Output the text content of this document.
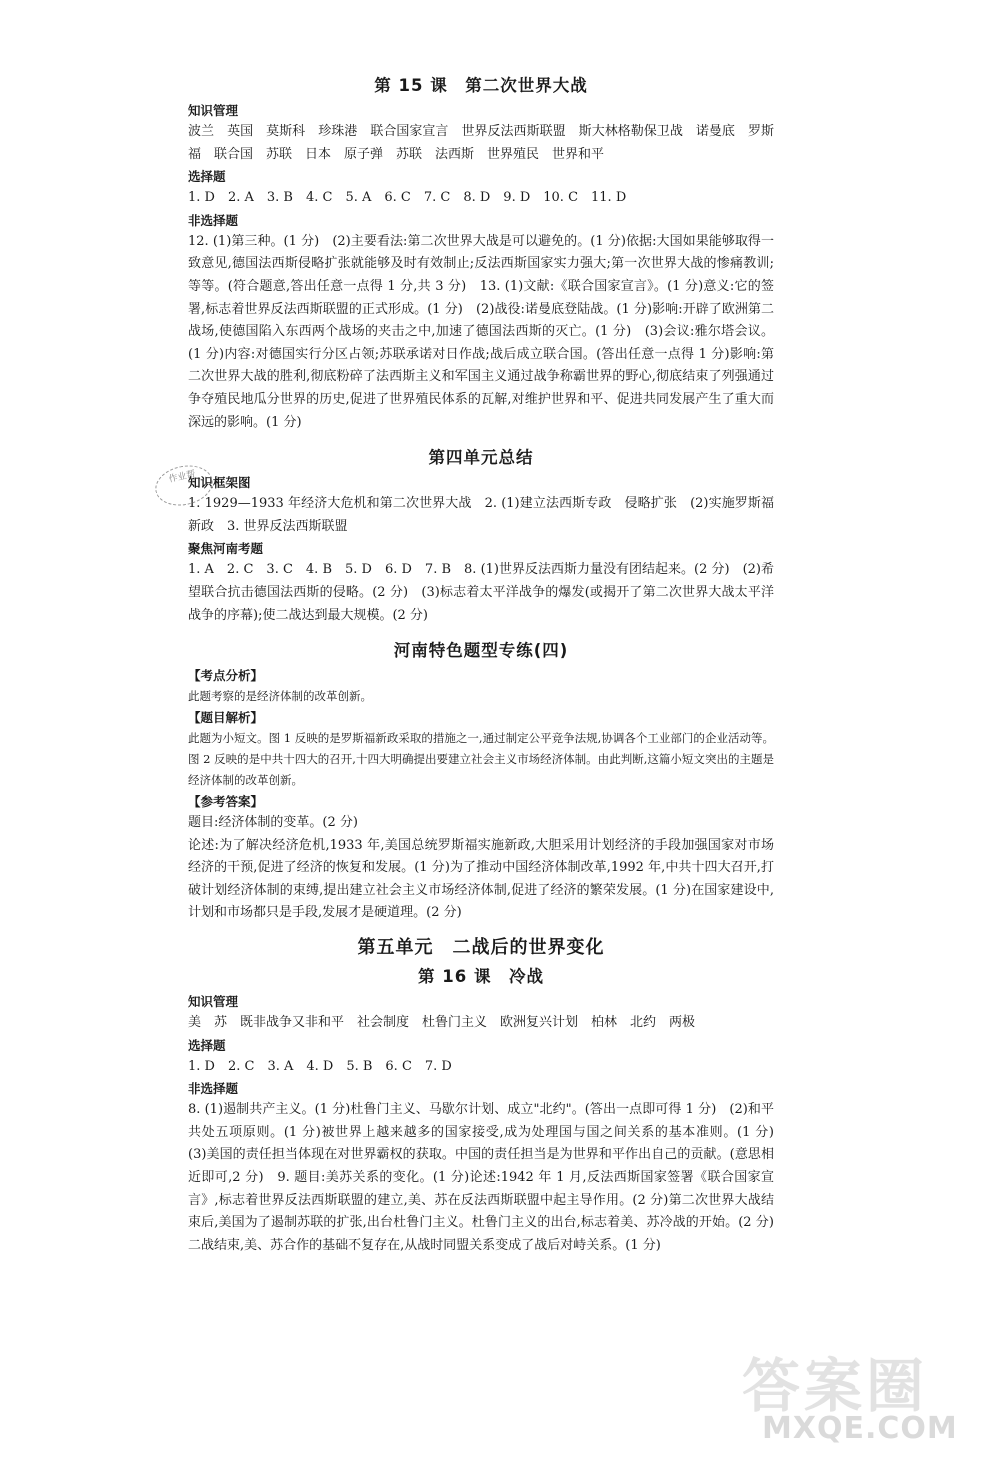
第 15 课　第二次世界大战
知识管理
波兰　英国　莫斯科　珍珠港　联合国家宣言　世界反法西斯联盟　斯大林格勒保卫战　诺曼底　罗斯福　联合国　苏联　日本　原子弹　苏联　法西斯　世界殖民　世界和平
选择题
1. D　2. A　3. B　4. C　5. A　6. C　7. C　8. D　9. D　10. C　11. D
非选择题
12. (1)第三种。(1 分)　(2)主要看法:第二次世界大战是可以避免的。(1 分)依据:大国如果能够取得一致意见,德国法西斯侵略扩张就能够及时有效制止;反法西斯国家实力强大;第一次世界大战的惨痛教训;等等。(符合题意,答出任意一点得 1 分,共 3 分)　13. (1)文献:《联合国家宣言》。(1 分)意义:它的签署,标志着世界反法西斯联盟的正式形成。(1 分)　(2)战役:诺曼底登陆战。(1 分)影响:开辟了欧洲第二战场,使德国陷入东西两个战场的夹击之中,加速了德国法西斯的灭亡。(1 分)　(3)会议:雅尔塔会议。(1 分)内容:对德国实行分区占领;苏联承诺对日作战;战后成立联合国。(答出任意一点得 1 分)影响:第二次世界大战的胜利,彻底粉碎了法西斯主义和军国主义通过战争称霸世界的野心,彻底结束了列强通过争夺殖民地瓜分世界的历史,促进了世界殖民体系的瓦解,对维护世界和平、促进共同发展产生了重大而深远的影响。(1 分)
第四单元总结
知识框架图
1. 1929—1933 年经济大危机和第二次世界大战　2. (1)建立法西斯专政　侵略扩张　(2)实施罗斯福新政　3. 世界反法西斯联盟
聚焦河南考题
1. A　2. C　3. C　4. B　5. D　6. D　7. B　8. (1)世界反法西斯力量没有团结起来。(2 分)　(2)希望联合抗击德国法西斯的侵略。(2 分)　(3)标志着太平洋战争的爆发(或揭开了第二次世界大战太平洋战争的序幕);使二战达到最大规模。(2 分)
河南特色题型专练(四)
【考点分析】
此题考察的是经济体制的改革创新。
【题目解析】
此题为小短文。图 1 反映的是罗斯福新政采取的措施之一,通过制定公平竞争法规,协调各个工业部门的企业活动等。图 2 反映的是中共十四大的召开,十四大明确提出要建立社会主义市场经济体制。由此判断,这篇小短文突出的主题是经济体制的改革创新。
【参考答案】
题目:经济体制的变革。(2 分)
论述:为了解决经济危机,1933 年,美国总统罗斯福实施新政,大胆采用计划经济的手段加强国家对市场经济的干预,促进了经济的恢复和发展。(1 分)为了推动中国经济体制改革,1992 年,中共十四大召开,打破计划经济体制的束缚,提出建立社会主义市场经济体制,促进了经济的繁荣发展。(1 分)在国家建设中,计划和市场都只是手段,发展才是硬道理。(2 分)
第五单元　二战后的世界变化
第 16 课　冷战
知识管理
美　苏　既非战争又非和平　社会制度　杜鲁门主义　欧洲复兴计划　柏林　北约　两极
选择题
1. D　2. C　3. A　4. D　5. B　6. C　7. D
非选择题
8. (1)遏制共产主义。(1 分)杜鲁门主义、马歇尔计划、成立"北约"。(答出一点即可得 1 分)　(2)和平共处五项原则。(1 分)被世界上越来越多的国家接受,成为处理国与国之间关系的基本准则。(1 分)　(3)美国的责任担当体现在对世界霸权的获取。中国的责任担当是为世界和平作出自己的贡献。(意思相近即可,2 分)　9. 题目:美苏关系的变化。(1 分)论述:1942 年 1 月,反法西斯国家签署《联合国家宣言》,标志着世界反法西斯联盟的建立,美、苏在反法西斯联盟中起主导作用。(2 分)第二次世界大战结束后,美国为了遏制苏联的扩张,出台杜鲁门主义。杜鲁门主义的出台,标志着美、苏冷战的开始。(2 分)二战结束,美、苏合作的基础不复存在,从战时同盟关系变成了战后对峙关系。(1 分)
作业帮
答案圈
MXQE.COM
